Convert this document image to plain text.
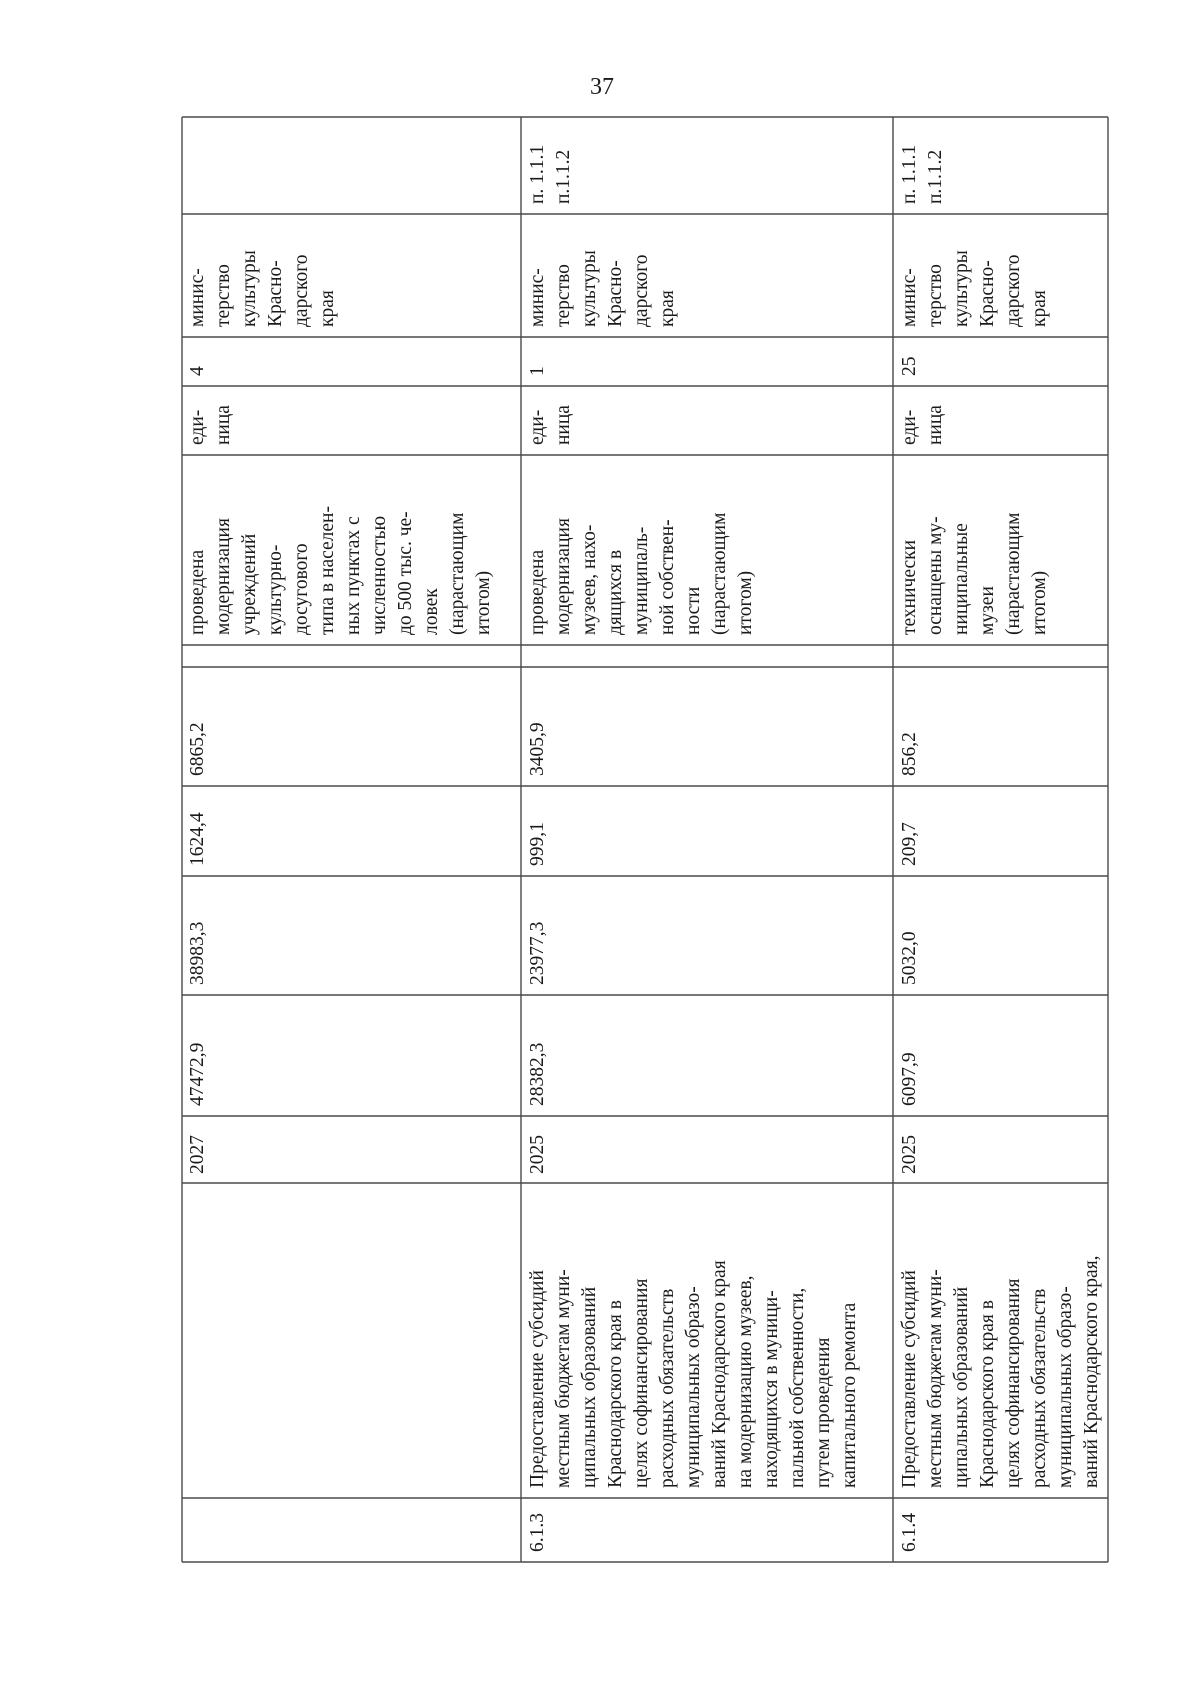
37
2027
47472,9
38983,3
1624,4
6865,2
проведена
модернизация
учреждений
культурно-
досугового
типа в населен-
ных пунктах с
численностью
до 500 тыс. че-
ловек
(нарастающим
итогом)
еди-
ница
4
минис-
терство
культуры
Красно-
дарского
края
6.1.3
Предоставление субсидий
местным бюджетам муни-
ципальных образований
Краснодарского края в
целях софинансирования
расходных обязательств
муниципальных образо-
ваний Краснодарского края
на модернизацию музеев,
находящихся в муници-
пальной собственности,
путем проведения
капитального ремонта
2025
28382,3
23977,3
999,1
3405,9
проведена
модернизация
музеев, нахо-
дящихся в
муниципаль-
ной собствен-
ности
(нарастающим
итогом)
еди-
ница
1
минис-
терство
культуры
Красно-
дарского
края
п. 1.1.1
п.1.1.2
6.1.4
Предоставление субсидий
местным бюджетам муни-
ципальных образований
Краснодарского края в
целях софинансирования
расходных обязательств
муниципальных образо-
ваний Краснодарского края,
2025
6097,9
5032,0
209,7
856,2
технически
оснащены му-
ниципальные
музеи
(нарастающим
итогом)
еди-
ница
25
минис-
терство
культуры
Красно-
дарского
края
п. 1.1.1
п.1.1.2
